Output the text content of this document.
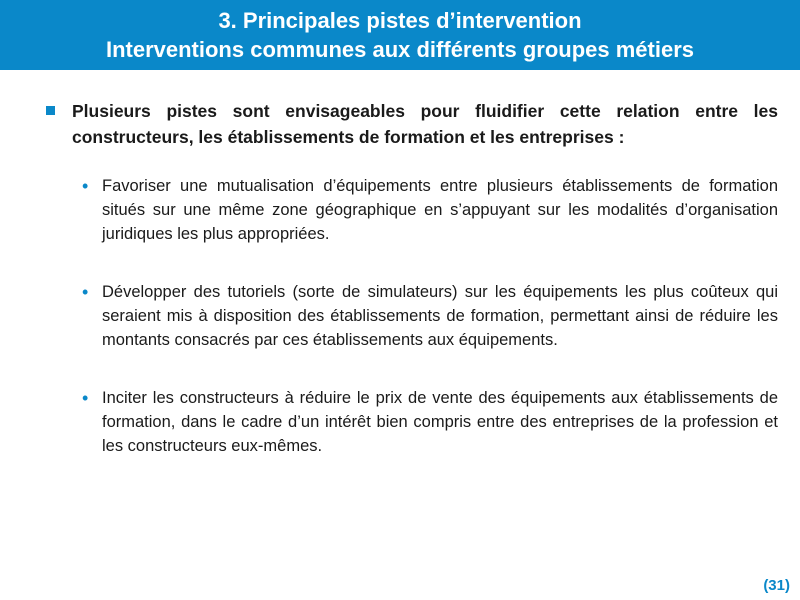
3. Principales pistes d’intervention
Interventions communes aux différents groupes métiers
Plusieurs pistes sont envisageables pour fluidifier cette relation entre les constructeurs, les établissements de formation et les entreprises :
• Favoriser une mutualisation d’équipements entre plusieurs établissements de formation situés sur une même zone géographique en s’appuyant sur les modalités d’organisation juridiques les plus appropriées.
• Développer des tutoriels (sorte de simulateurs) sur les équipements les plus coûteux qui seraient mis à disposition des établissements de formation, permettant ainsi de réduire les montants consacrés par ces établissements aux équipements.
• Inciter les constructeurs à réduire le prix de vente des équipements aux établissements de formation, dans le cadre d’un intérêt bien compris entre des entreprises de la profession et les constructeurs eux-mêmes.
(31)
